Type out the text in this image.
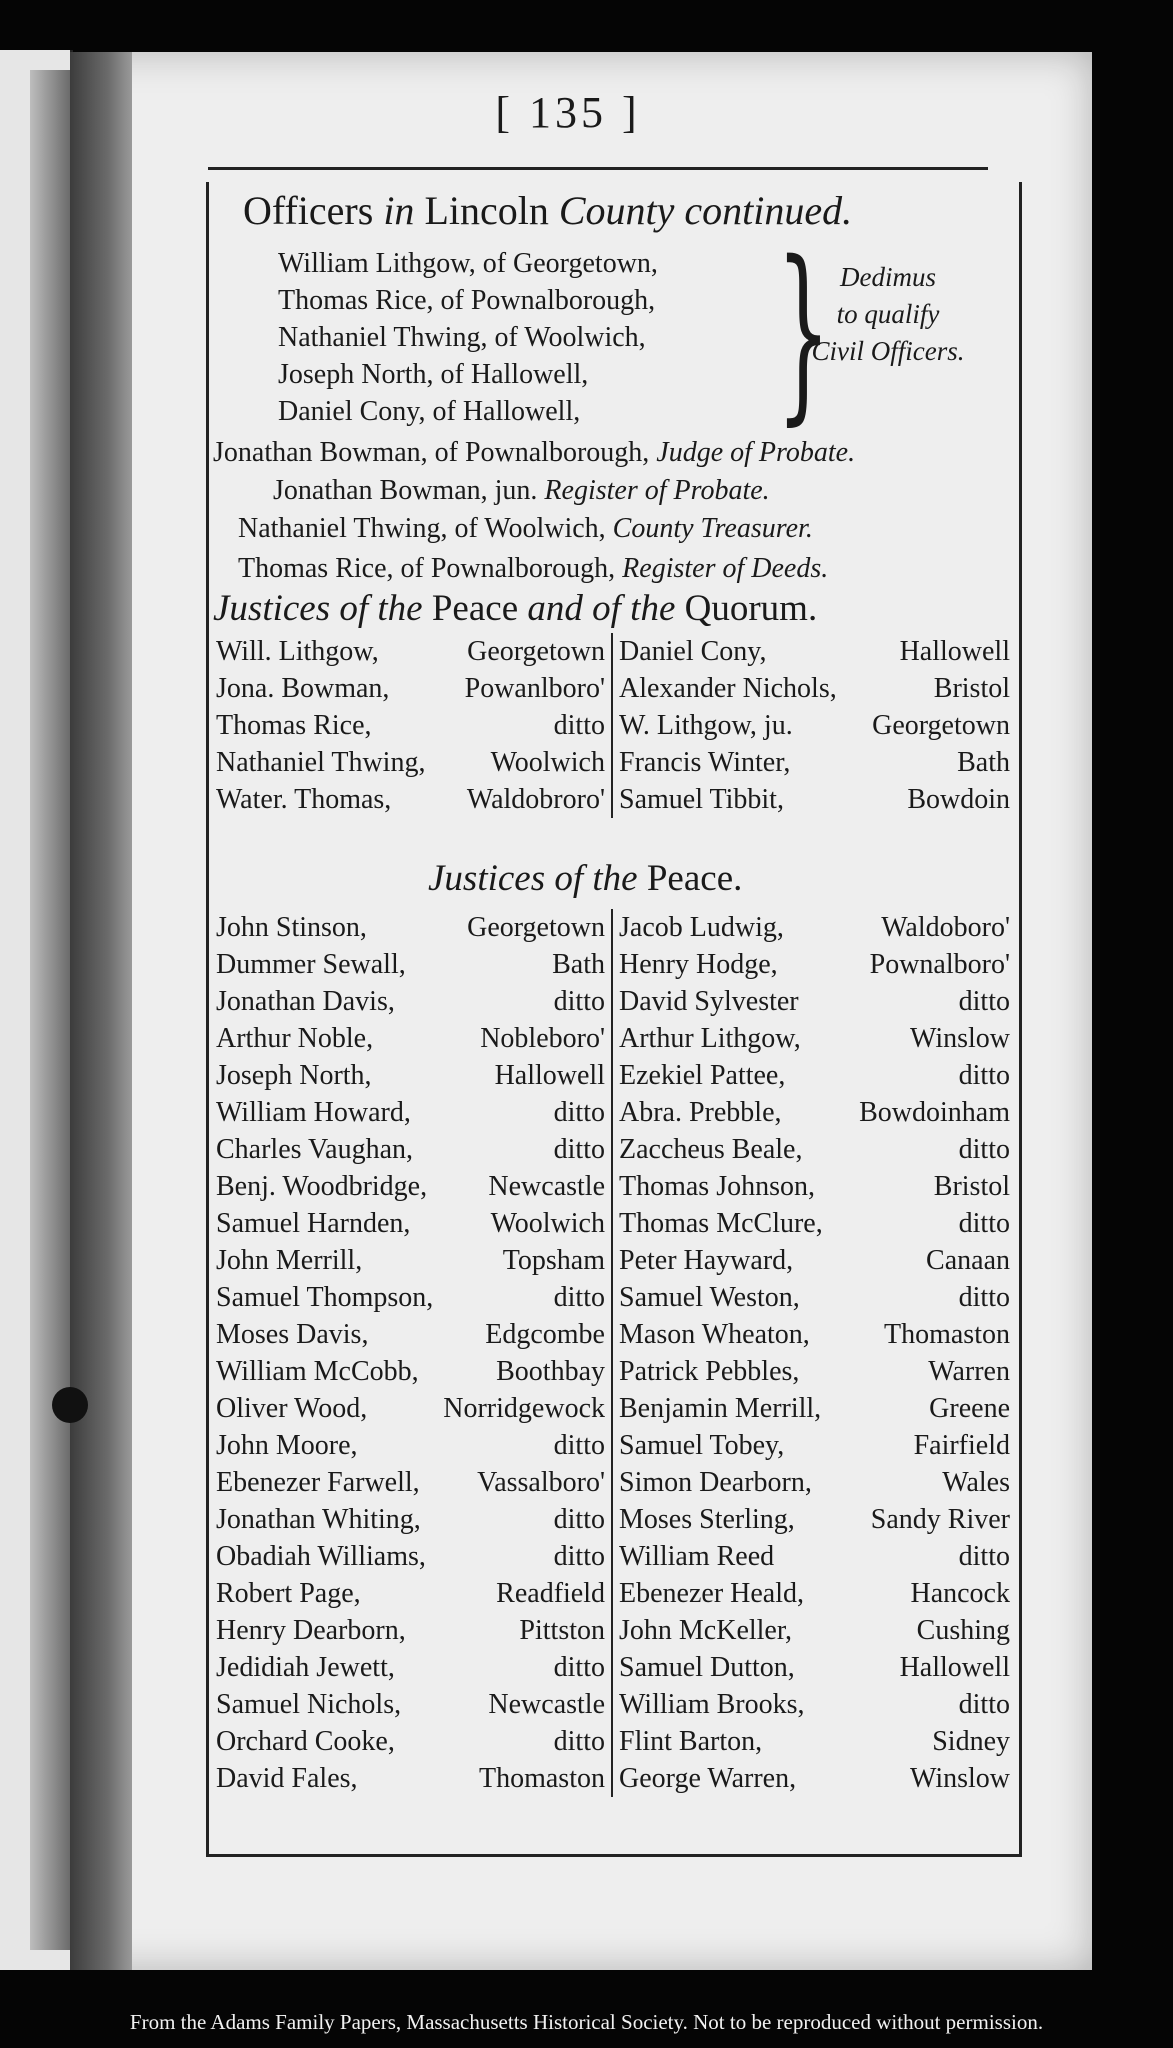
[ 135 ]
Officers in Lincoln County continued.
William Lithgow, of Georgetown,
Thomas Rice, of Pownalborough,
Nathaniel Thwing, of Woolwich,
Joseph North, of Hallowell,
Daniel Cony, of Hallowell,	} Dedimus
to qualify
Civil Officers.
Jonathan Bowman, of Pownalborough, Judge of Probate.
Jonathan Bowman, jun. Register of Probate.
Nathaniel Thwing, of Woolwich, County Treasurer.
Thomas Rice, of Pownalborough, Register of Deeds.
Justices of the Peace and of the Quorum.
Will. Lithgow,	Georgetown
Jona. Bowman,	Powanlboro'
Thomas Rice,	ditto
Nathaniel Thwing, Woolwich
Water. Thomas,	Waldobroro'
Daniel Cony,	Hallowell
Alexander Nichols,	Bristol
W. Lithgow, ju.	Georgetown
Francis Winter,	Bath
Samuel Tibbit,	Bowdoin
Justices of the Peace.
John Stinson,	Georgetown
Dummer Sewall,	Bath
Jonathan Davis,	ditto
Arthur Noble,	Nobleboro'
Joseph North,	Hallowell
William Howard,	ditto
Charles Vaughan,	ditto
Benj. Woodbridge, Newcastle
Samuel Harnden,	Woolwich
John Merrill,	Topsham
Samuel Thompson,	ditto
Moses Davis,	Edgcombe
William McCobb,	Boothbay
Oliver Wood,	Norridgewock
John Moore,	ditto
Ebenezer Farwell, Vassalboro'
Jonathan Whiting,	ditto
Obadiah Williams,	ditto
Robert Page,	Readfield
Henry Dearborn,	Pittston
Jedidiah Jewett,	ditto
Samuel Nichols,	Newcastle
Orchard Cooke,	ditto
David Fales,	Thomaston
Jacob Ludwig,	Waldoboro'
Henry Hodge,	Pownalboro'
David Sylvester	ditto
Arthur Lithgow,	Winslow
Ezekiel Pattee,	ditto
Abra. Prebble,	Bowdoinham
Zaccheus Beale,	ditto
Thomas Johnson,	Bristol
Thomas McClure,	ditto
Peter Hayward,	Canaan
Samuel Weston,	ditto
Mason Wheaton,	Thomaston
Patrick Pebbles,	Warren
Benjamin Merrill,	Greene
Samuel Tobey,	Fairfield
Simon Dearborn,	Wales
Moses Sterling,	Sandy River
William Reed	ditto
Ebenezer Heald,	Hancock
John McKeller,	Cushing
Samuel Dutton,	Hallowell
William Brooks,	ditto
Flint Barton,	Sidney
George Warren,	Winslow
From the Adams Family Papers, Massachusetts Historical Society. Not to be reproduced without permission.
